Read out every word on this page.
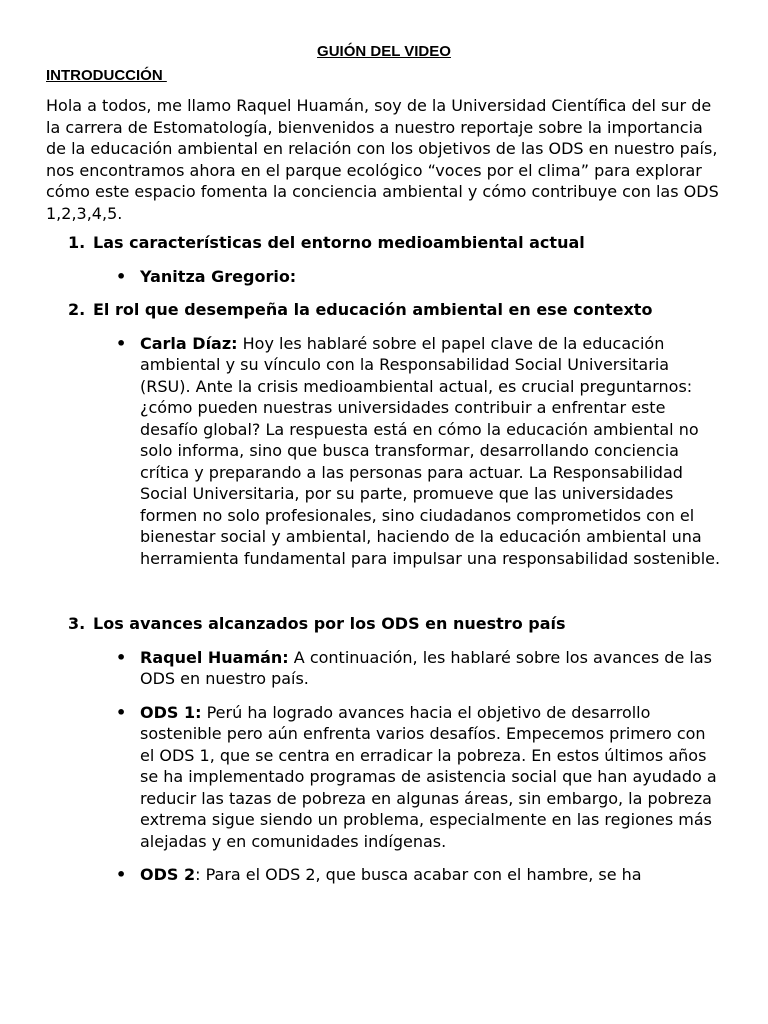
GUIÓN DEL VIDEO
INTRODUCCIÓN

Hola a todos, me llamo Raquel Huamán, soy de la Universidad Científica del sur de la carrera de Estomatología, bienvenidos a nuestro reportaje sobre la importancia de la educación ambiental en relación con los objetivos de las ODS en nuestro país, nos encontramos ahora en el parque ecológico “voces por el clima” para explorar cómo este espacio fomenta la conciencia ambiental y cómo contribuye con las ODS 1,2,3,4,5.

1. Las características del entorno medioambiental actual
• Yanitza Gregorio:
2. El rol que desempeña la educación ambiental en ese contexto
• Carla Díaz: Hoy les hablaré sobre el papel clave de la educación ambiental y su vínculo con la Responsabilidad Social Universitaria (RSU). Ante la crisis medioambiental actual, es crucial preguntarnos: ¿cómo pueden nuestras universidades contribuir a enfrentar este desafío global? La respuesta está en cómo la educación ambiental no solo informa, sino que busca transformar, desarrollando conciencia crítica y preparando a las personas para actuar. La Responsabilidad Social Universitaria, por su parte, promueve que las universidades formen no solo profesionales, sino ciudadanos comprometidos con el bienestar social y ambiental, haciendo de la educación ambiental una herramienta fundamental para impulsar una responsabilidad sostenible.
3. Los avances alcanzados por los ODS en nuestro país
• Raquel Huamán: A continuación, les hablaré sobre los avances de las ODS en nuestro país.
• ODS 1: Perú ha logrado avances hacia el objetivo de desarrollo sostenible pero aún enfrenta varios desafíos. Empecemos primero con el ODS 1, que se centra en erradicar la pobreza. En estos últimos años se ha implementado programas de asistencia social que han ayudado a reducir las tazas de pobreza en algunas áreas, sin embargo, la pobreza extrema sigue siendo un problema, especialmente en las regiones más alejadas y en comunidades indígenas.
• ODS 2: Para el ODS 2, que busca acabar con el hambre, se ha
